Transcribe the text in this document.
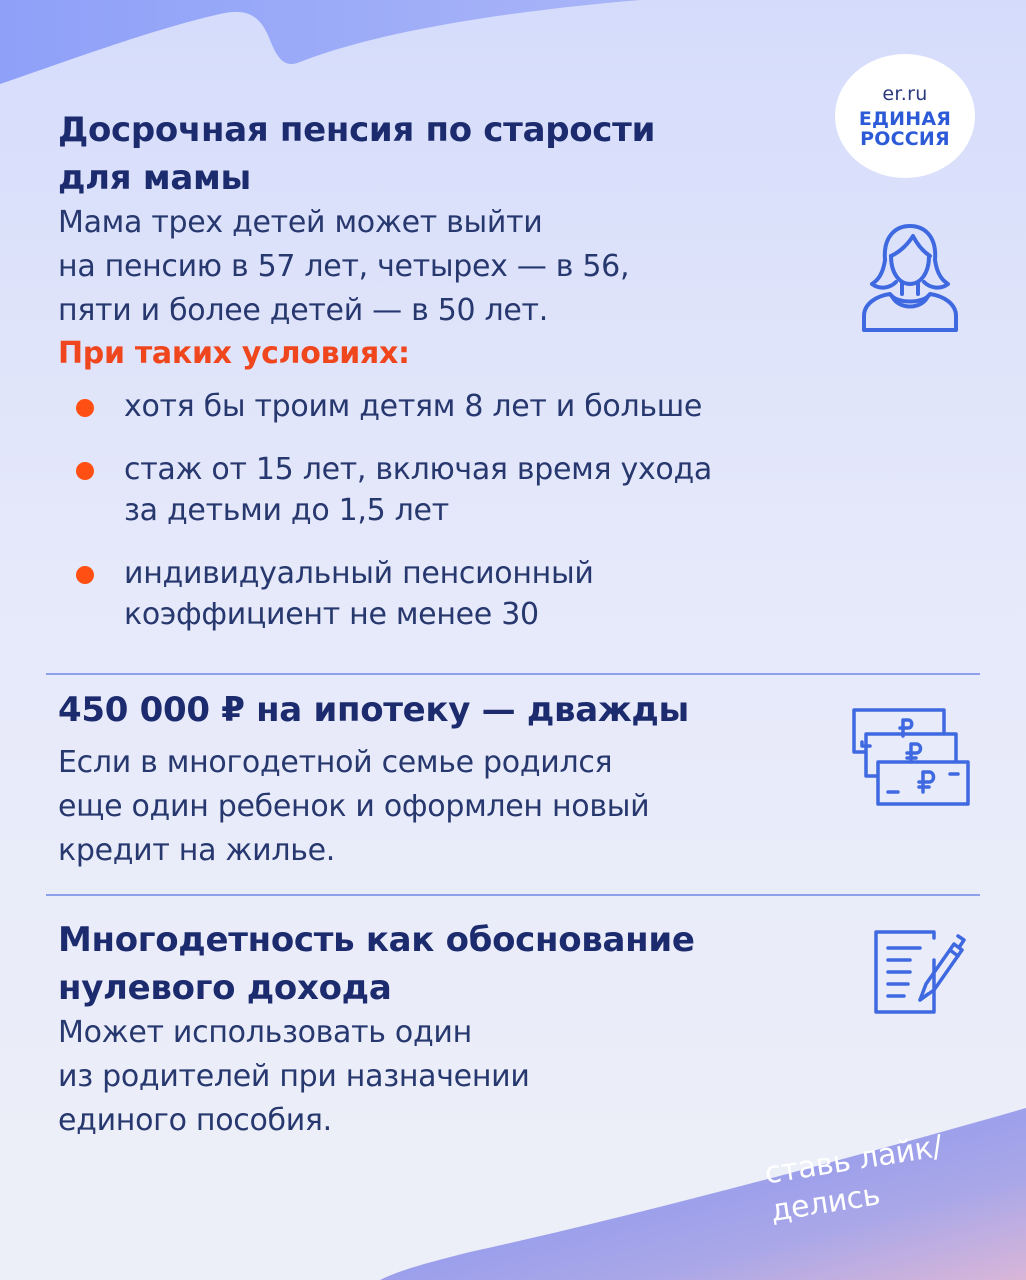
er.ru
ЕДИНАЯ
РОССИЯ
Досрочная пенсия по старости
для мамы
Мама трех детей может выйти
на пенсию в 57 лет, четырех — в 56,
пяти и более детей — в 50 лет.
При таких условиях:
хотя бы троим детям 8 лет и больше
стаж от 15 лет, включая время ухода
за детьми до 1,5 лет
индивидуальный пенсионный
коэффициент не менее 30
450 000 ₽ на ипотеку — дважды
Если в многодетной семье родился
еще один ребенок и оформлен новый
кредит на жилье.
Многодетность как обоснование
нулевого дохода
Может использовать один
из родителей при назначении
единого пособия.
ставь лайк/
делись
